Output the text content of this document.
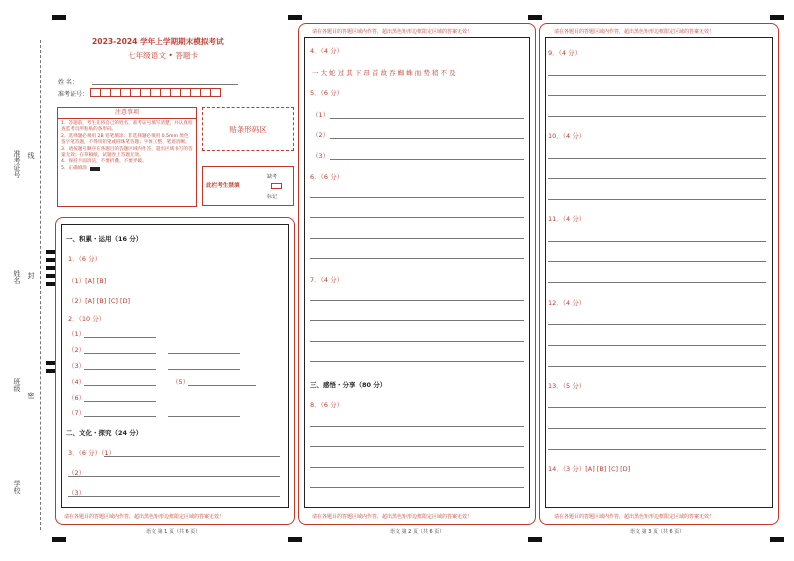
准考证号 线
姓名 封
班级
密
学校
2023-2024 学年上学期期末模拟考试
七年级语文 • 答题卡
姓 名：
准考证号：
注意事项
1．答题前，考生先将自己的姓名，准考证号填写清楚，并认真检查监考员所粘贴的条形码。
2．选择题必须用 2B 铅笔填涂；非选择题必须用 0.5mm 黑色签字笔答题，不得用铅笔或圆珠笔答题；字体工整、笔迹清晰。
3．请按题号顺序在各题目的答题区域内作答，超出区域书写的答案无效；在草稿纸、试题卷上答题无效。
4．保持卡面清洁，不要折叠、不要弄破。
5．正确填涂
贴条形码区
此栏考生禁填
缺考
标记
请在各题目的答题区域内作答，超出黑色矩形边框限定区域的答案无效！
一、积累・运用（16 分）
1．（6 分）
（1）[A] [B]
（2）[A] [B] [C] [D]
2．（10 分）
（1）
（2）
（3）
（4）	（5）
（6）
（7）
二、文化・探究（24 分）
3．（6 分）（1）
（2）
（3）
语文 第 1 页（共 6 页）
请在各题目的答题区域内作答，超出黑色矩形边框限定区域的答案无效！
请在各题目的答题区域内作答，超出黑色矩形边框限定区域的答案无效！
4．（4 分）
一 大 蛇 过 其 下 昂 首 故 吞 蜘 蛛 而 势 稍 不 及
5．（6 分）
（1）
（2）
（3）
6．（6 分）
7．（4 分）
三、感悟・分享（80 分）
8．（6 分）
语文 第 2 页（共 6 页）
请在各题目的答题区域内作答，超出黑色矩形边框限定区域的答案无效！
请在各题目的答题区域内作答，超出黑色矩形边框限定区域的答案无效！
9．（4 分）
10．（4 分）
11．（4 分）
12．（4 分）
13．（5 分）
14．（3 分）[A] [B] [C] [D]
语文 第 3 页（共 6 页）
